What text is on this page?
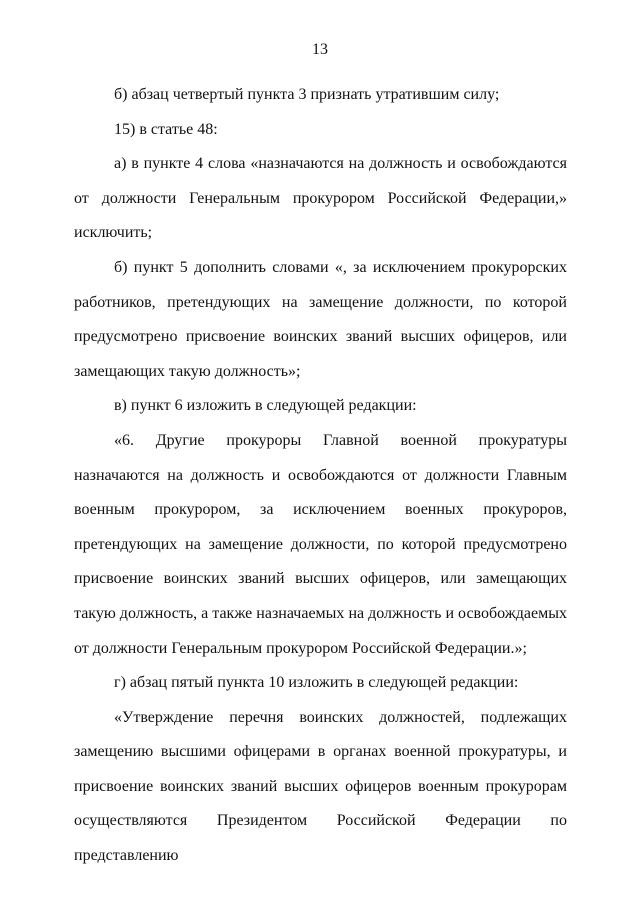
13

б) абзац четвертый пункта 3 признать утратившим силу;

15) в статье 48:

а) в пункте 4 слова «назначаются на должность и освобождаются от должности Генеральным прокурором Российской Федерации,» исключить;

б) пункт 5 дополнить словами «, за исключением прокурорских работников, претендующих на замещение должности, по которой предусмотрено присвоение воинских званий высших офицеров, или замещающих такую должность»;

в) пункт 6 изложить в следующей редакции:

«6. Другие прокуроры Главной военной прокуратуры назначаются на должность и освобождаются от должности Главным военным прокурором, за исключением военных прокуроров, претендующих на замещение должности, по которой предусмотрено присвоение воинских званий высших офицеров, или замещающих такую должность, а также назначаемых на должность и освобождаемых от должности Генеральным прокурором Российской Федерации.»;

г) абзац пятый пункта 10 изложить в следующей редакции:

«Утверждение перечня воинских должностей, подлежащих замещению высшими офицерами в органах военной прокуратуры, и присвоение воинских званий высших офицеров военным прокурорам осуществляются Президентом Российской Федерации по представлению
